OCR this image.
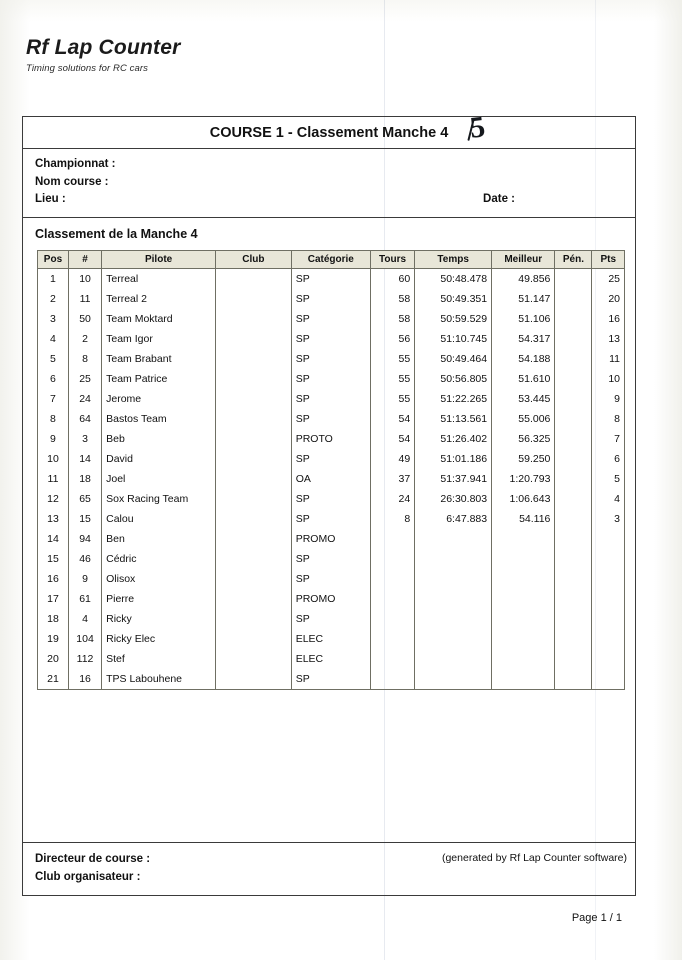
Rf Lap Counter
Timing solutions for RC cars
COURSE 1 - Classement Manche 4 5
Championnat :
Nom course :
Lieu :	Date :
Classement de la Manche 4
Pos	#	Pilote	Club	Catégorie	Tours	Temps	Meilleur	Pén.	Pts
1	10	Terreal		SP	60	50:48.478	49.856		25
2	11	Terreal 2		SP	58	50:49.351	51.147		20
3	50	Team Moktard		SP	58	50:59.529	51.106		16
4	2	Team Igor		SP	56	51:10.745	54.317		13
5	8	Team Brabant		SP	55	50:49.464	54.188		11
6	25	Team Patrice		SP	55	50:56.805	51.610		10
7	24	Jerome		SP	55	51:22.265	53.445		9
8	64	Bastos Team		SP	54	51:13.561	55.006		8
9	3	Beb		PROTO	54	51:26.402	56.325		7
10	14	David		SP	49	51:01.186	59.250		6
11	18	Joel		OA	37	51:37.941	1:20.793		5
12	65	Sox Racing Team		SP	24	26:30.803	1:06.643		4
13	15	Calou		SP	8	6:47.883	54.116		3
14	94	Ben		PROMO					
15	46	Cédric		SP					
16	9	Olisox		SP					
17	61	Pierre		PROMO					
18	4	Ricky		SP					
19	104	Ricky Elec		ELEC					
20	112	Stef		ELEC					
21	16	TPS Labouhene		SP					
(generated by Rf Lap Counter software)
Directeur de course :
Club organisateur :
Page 1 / 1
